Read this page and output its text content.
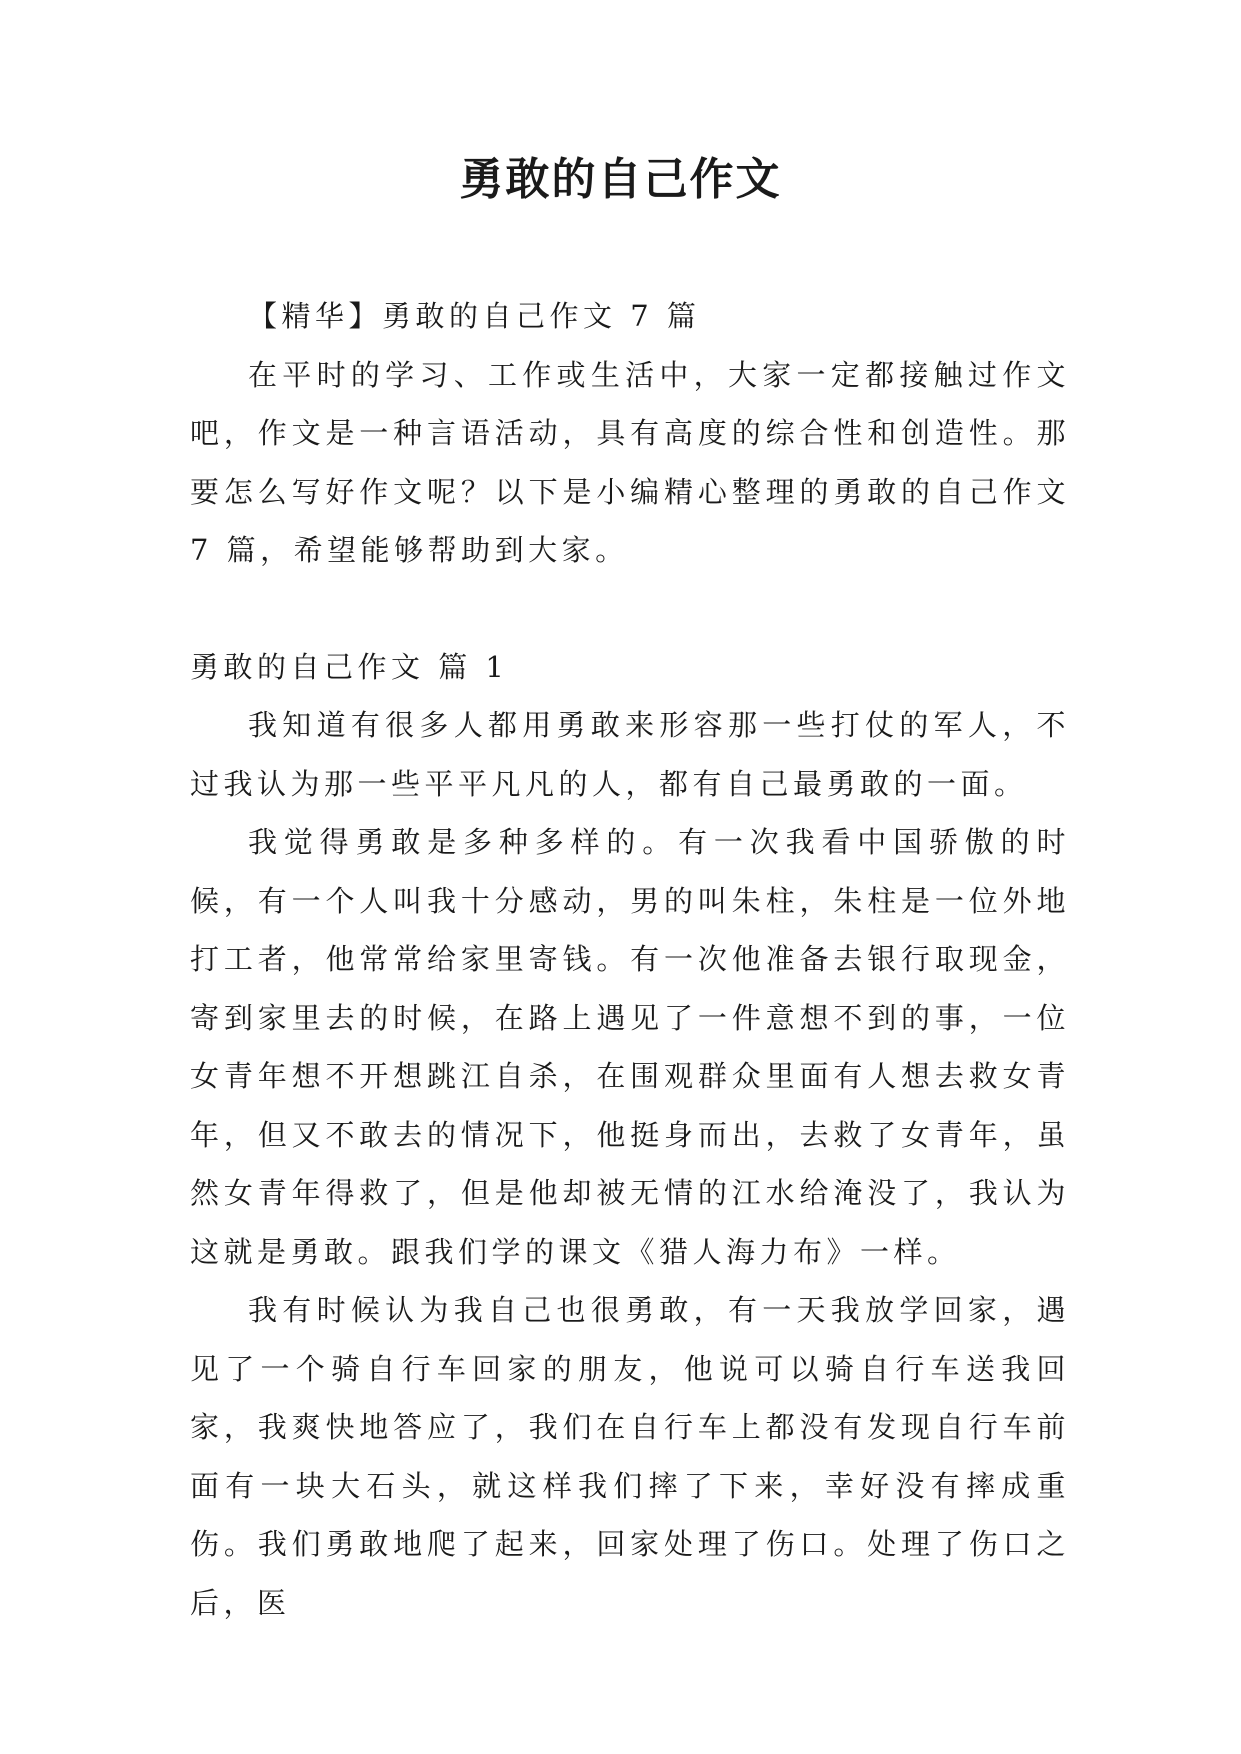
勇敢的自己作文

【精华】勇敢的自己作文 7 篇

在平时的学习、工作或生活中，大家一定都接触过作文吧，作文是一种言语活动，具有高度的综合性和创造性。那要怎么写好作文呢？以下是小编精心整理的勇敢的自己作文 7 篇，希望能够帮助到大家。

勇敢的自己作文 篇 1

我知道有很多人都用勇敢来形容那一些打仗的军人，不过我认为那一些平平凡凡的人，都有自己最勇敢的一面。

我觉得勇敢是多种多样的。有一次我看中国骄傲的时候，有一个人叫我十分感动，男的叫朱柱，朱柱是一位外地打工者，他常常给家里寄钱。有一次他准备去银行取现金，寄到家里去的时候，在路上遇见了一件意想不到的事，一位女青年想不开想跳江自杀，在围观群众里面有人想去救女青年，但又不敢去的情况下，他挺身而出，去救了女青年，虽然女青年得救了，但是他却被无情的江水给淹没了，我认为这就是勇敢。跟我们学的课文《猎人海力布》一样。

我有时候认为我自己也很勇敢，有一天我放学回家，遇见了一个骑自行车回家的朋友，他说可以骑自行车送我回家，我爽快地答应了，我们在自行车上都没有发现自行车前面有一块大石头，就这样我们摔了下来，幸好没有摔成重伤。我们勇敢地爬了起来，回家处理了伤口。处理了伤口之后，医
